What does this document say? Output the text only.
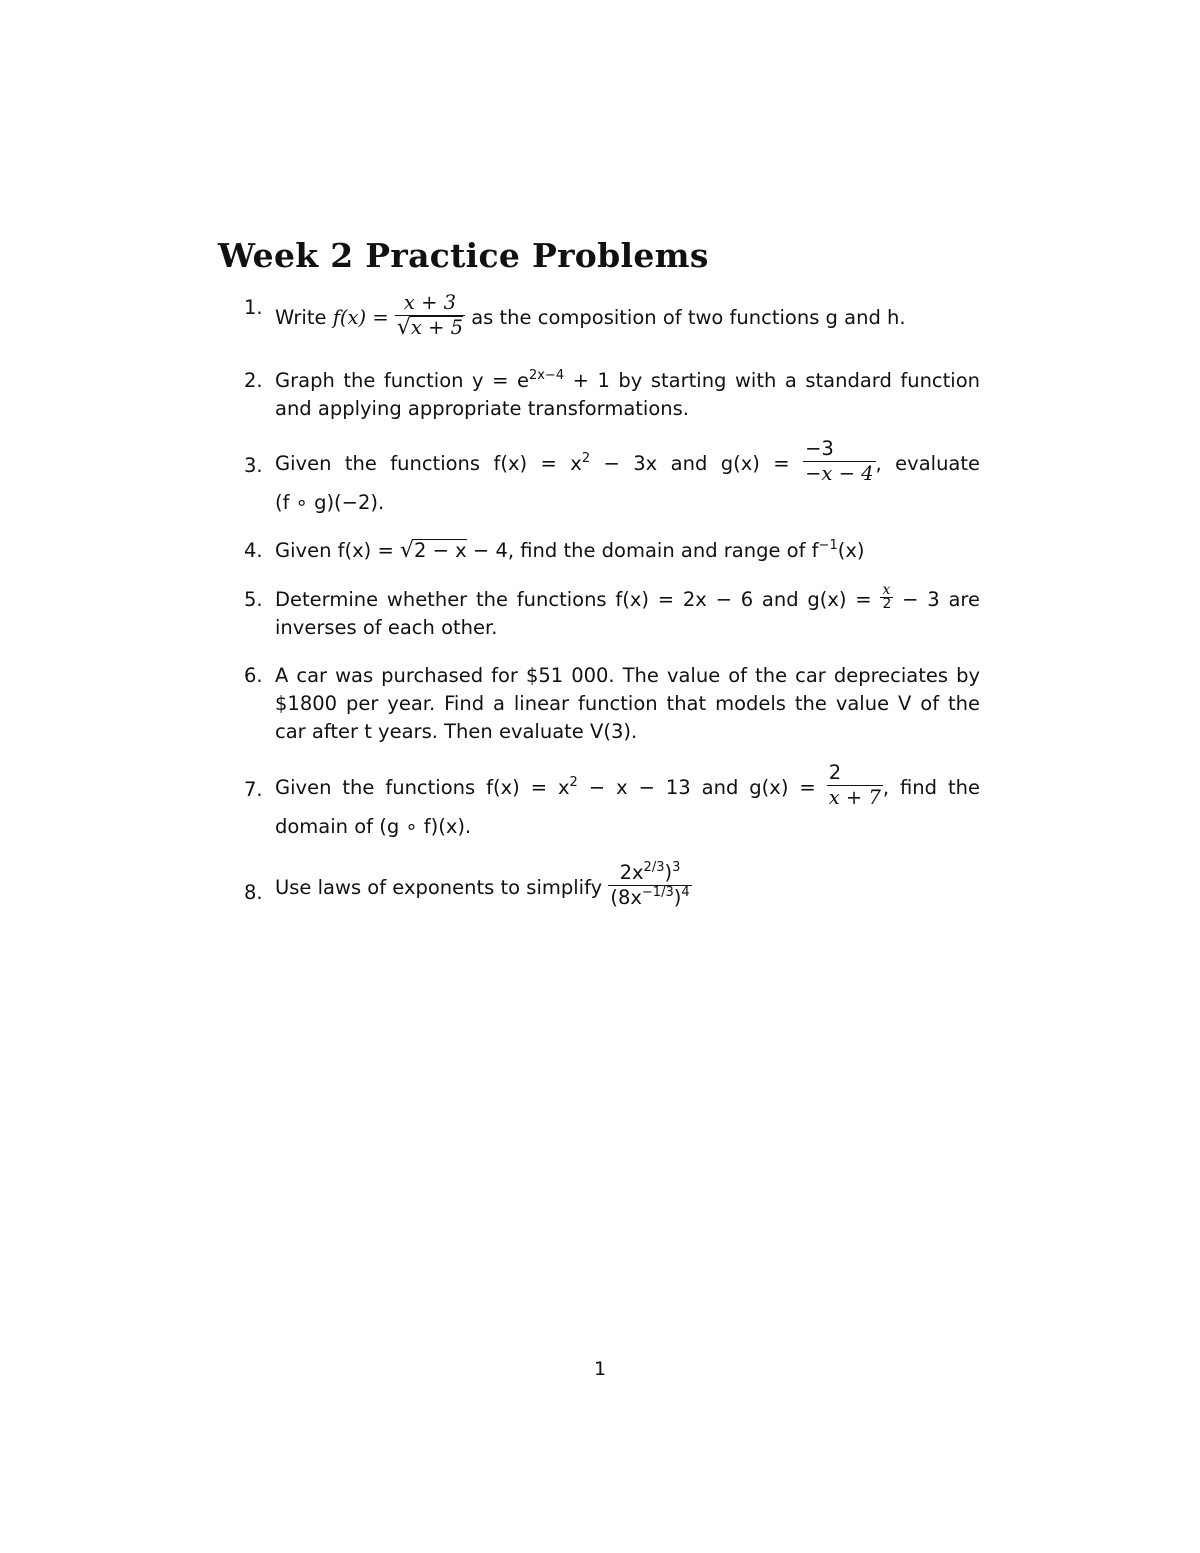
Week 2 Practice Problems
1. Write $f(x) = \frac{x + 3}{√x + 5}$ as the composition of two functions g and h.
2. Graph the function $y = e^{2x-4} + 1$ by starting with a standard function
and applying appropriate transformations.
3. Given the functions $f(x) = x^2 - 3x$ and $g(x) = \frac{-3}{-x - 4}$ , evaluate
(f ∘ g)(−2).
4. Given f(x) = √2 − x − 4, find the domain and range of $f^{-1}(x)$
5. Determine whether the functions f(x) = 2x − 6 and $g(x) = \frac{x}{2} - 3$ are
inverses of each other.
6. A car was purchased for $51 000. The value of the car depreciates by
$1800 per year. Find a linear function that models the value V of the
car after t years. Then evaluate V(3).
7. Given the functions $f(x) = x^2 - x - 13$ and $g(x) = \frac{2}{x + 7}$ , find the
domain of (g ∘ f)(x).
8. Use laws of exponents to simplify $\frac{2x^{2/3})^3}{(8x^{-1/3})^4}$
1
